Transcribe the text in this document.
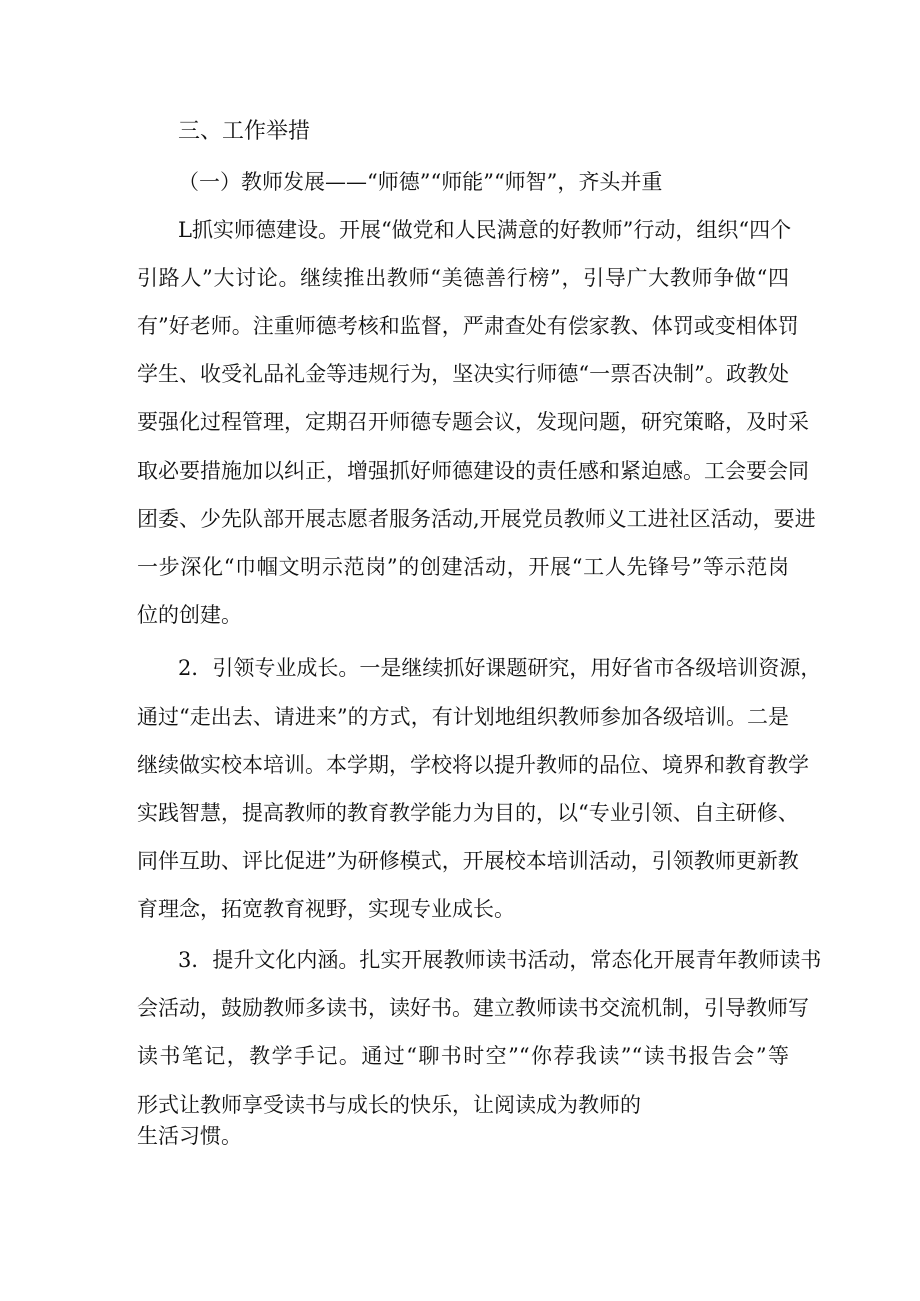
三、工作举措

（一）教师发展——“师德”“师能”“师智”，齐头并重

L抓实师德建设。开展“做党和人民满意的好教师”行动，组织“四个

引路人”大讨论。继续推出教师“美德善行榜”，引导广大教师争做“四

有”好老师。注重师德考核和监督，严肃查处有偿家教、体罚或变相体罚

学生、收受礼品礼金等违规行为，坚决实行师德“一票否决制”。政教处

要强化过程管理，定期召开师德专题会议，发现问题，研究策略，及时采

取必要措施加以纠正，增强抓好师德建设的责任感和紧迫感。工会要会同

团委、少先队部开展志愿者服务活动,开展党员教师义工进社区活动，要进

一步深化“巾帼文明示范岗”的创建活动，开展“工人先锋号”等示范岗

位的创建。

2．引领专业成长。一是继续抓好课题研究，用好省市各级培训资源，

通过“走出去、请进来”的方式，有计划地组织教师参加各级培训。二是

继续做实校本培训。本学期，学校将以提升教师的品位、境界和教育教学

实践智慧，提高教师的教育教学能力为目的，以“专业引领、自主研修、

同伴互助、评比促进”为研修模式，开展校本培训活动，引领教师更新教

育理念，拓宽教育视野，实现专业成长。

3．提升文化内涵。扎实开展教师读书活动，常态化开展青年教师读书

会活动，鼓励教师多读书，读好书。建立教师读书交流机制，引导教师写

读书笔记，教学手记。通过“聊书时空”“你荐我读”“读书报告会”等

形式让教师享受读书与成长的快乐，让阅读成为教师的

生活习惯。
